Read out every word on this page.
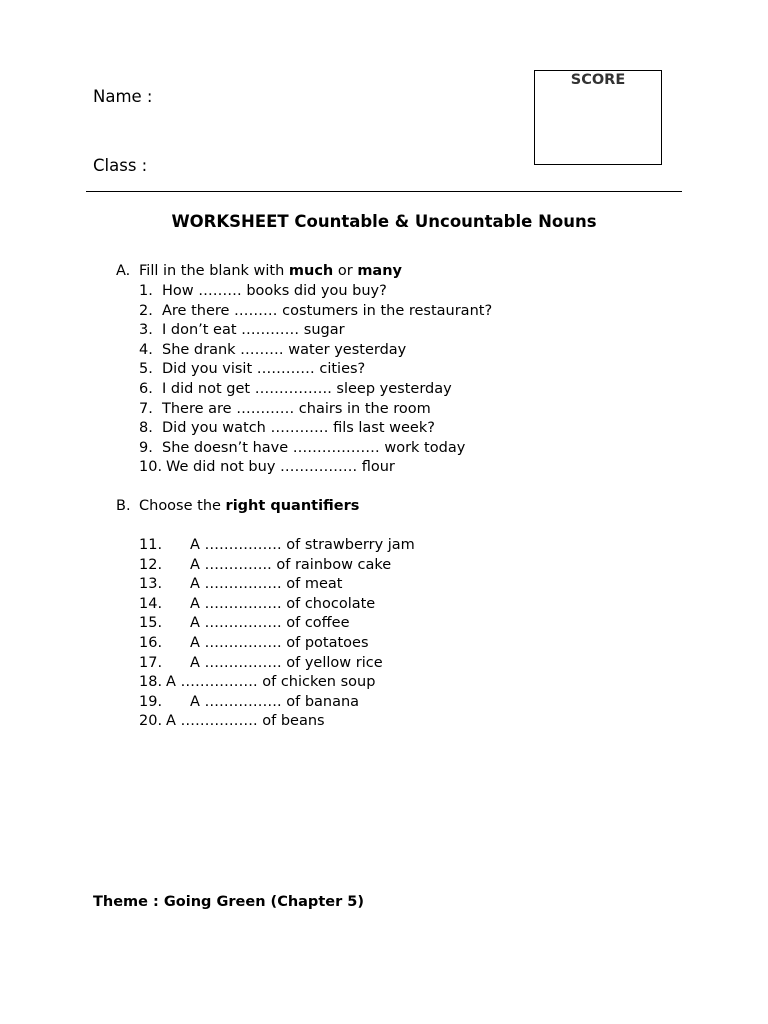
Name :
Class :
SCORE
WORKSHEET Countable & Uncountable Nouns
A. Fill in the blank with much or many
1. How ……… books did you buy?
2. Are there ……… costumers in the restaurant?
3. I don’t eat ………… sugar
4. She drank ……… water yesterday
5. Did you visit ………… cities?
6. I did not get ……………. sleep yesterday
7. There are ………… chairs in the room
8. Did you watch ………… fils last week?
9. She doesn’t have ……………… work today
10. We did not buy ……………. flour
B. Choose the right quantifiers
11. A ……………. of strawberry jam
12. A ………….. of rainbow cake
13. A ……………. of meat
14. A ……………. of chocolate
15. A ……………. of coffee
16. A ……………. of potatoes
17. A ……………. of yellow rice
18. A ……………. of chicken soup
19. A ……………. of banana
20. A ……………. of beans
Theme : Going Green (Chapter 5)
